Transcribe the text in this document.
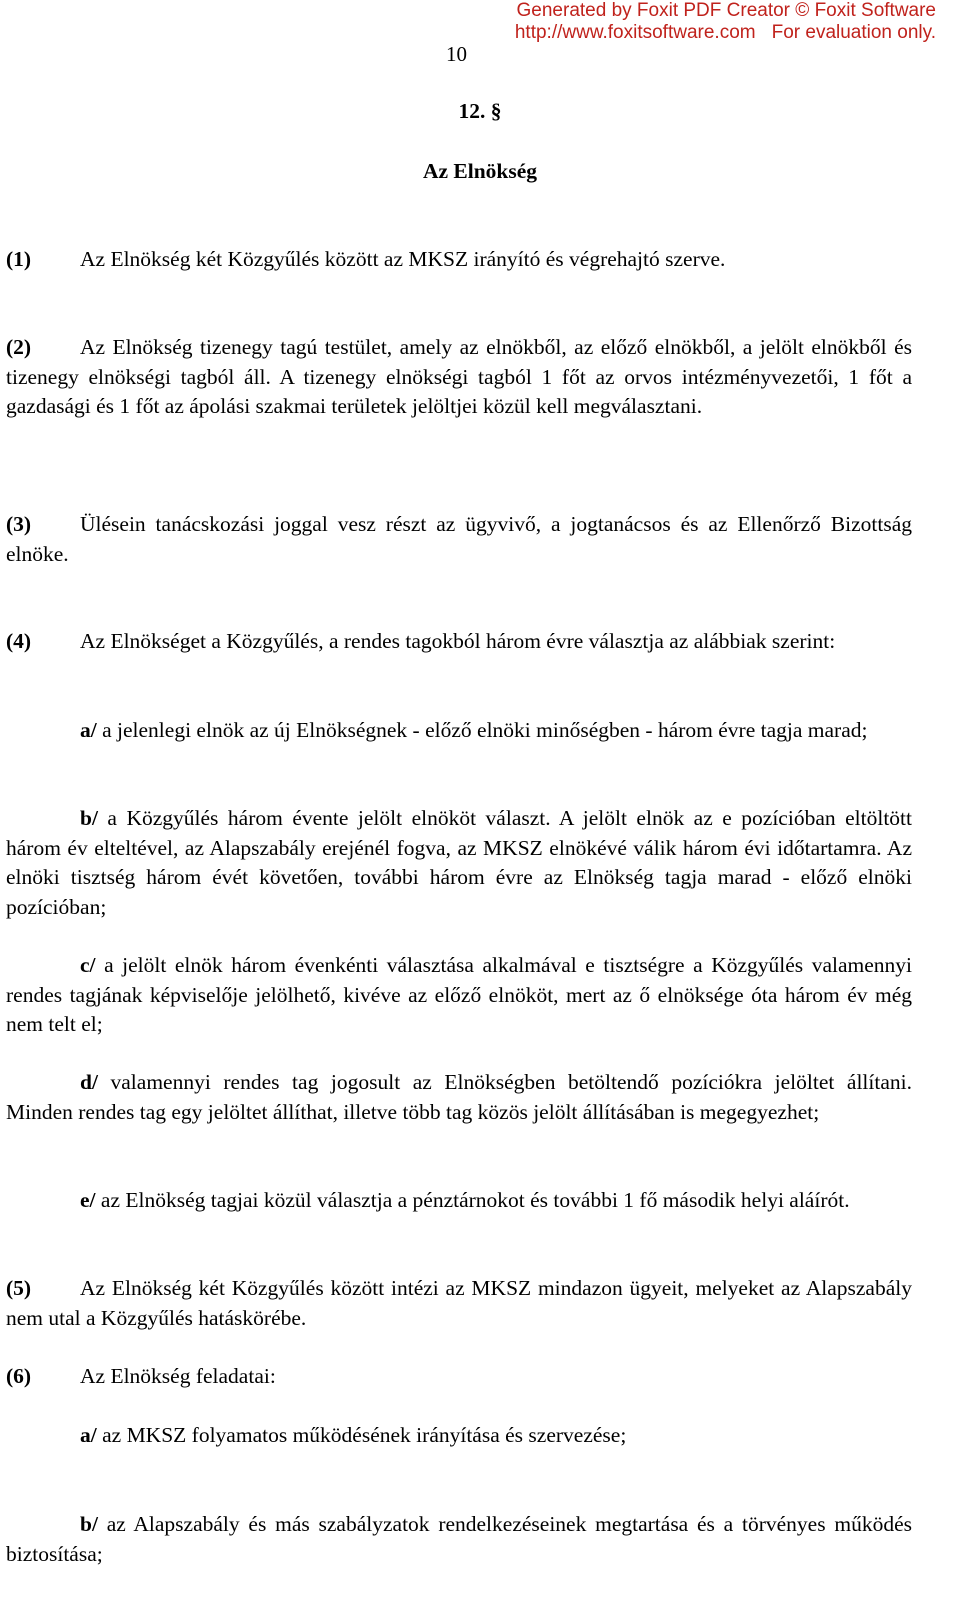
Generated by Foxit PDF Creator © Foxit Software
http://www.foxitsoftware.com For evaluation only.
10
12. §
Az Elnökség
(1) Az Elnökség két Közgyűlés között az MKSZ irányító és végrehajtó szerve.
(2) Az Elnökség tizenegy tagú testület, amely az elnökből, az előző elnökből, a jelölt elnökből és tizenegy elnökségi tagból áll. A tizenegy elnökségi tagból 1 főt az orvos intézményvezetői, 1 főt a gazdasági és 1 főt az ápolási szakmai területek jelöltjei közül kell megválasztani.
(3) Ülésein tanácskozási joggal vesz részt az ügyvivő, a jogtanácsos és az Ellenőrző Bizottság elnöke.
(4) Az Elnökséget a Közgyűlés, a rendes tagokból három évre választja az alábbiak szerint:
a/ a jelenlegi elnök az új Elnökségnek - előző elnöki minőségben - három évre tagja marad;
b/ a Közgyűlés három évente jelölt elnököt választ. A jelölt elnök az e pozícióban eltöltött három év elteltével, az Alapszabály erejénél fogva, az MKSZ elnökévé válik három évi időtartamra. Az elnöki tisztség három évét követően, további három évre az Elnökség tagja marad - előző elnöki pozícióban;
c/ a jelölt elnök három évenkénti választása alkalmával e tisztségre a Közgyűlés valamennyi rendes tagjának képviselője jelölhető, kivéve az előző elnököt, mert az ő elnöksége óta három év még nem telt el;
d/ valamennyi rendes tag jogosult az Elnökségben betöltendő pozíciókra jelöltet állítani. Minden rendes tag egy jelöltet állíthat, illetve több tag közös jelölt állításában is megegyezhet;
e/ az Elnökség tagjai közül választja a pénztárnokot és további 1 fő második helyi aláírót.
(5) Az Elnökség két Közgyűlés között intézi az MKSZ mindazon ügyeit, melyeket az Alapszabály nem utal a Közgyűlés hatáskörébe.
(6) Az Elnökség feladatai:
a/ az MKSZ folyamatos működésének irányítása és szervezése;
b/ az Alapszabály és más szabályzatok rendelkezéseinek megtartása és a törvényes működés biztosítása;
